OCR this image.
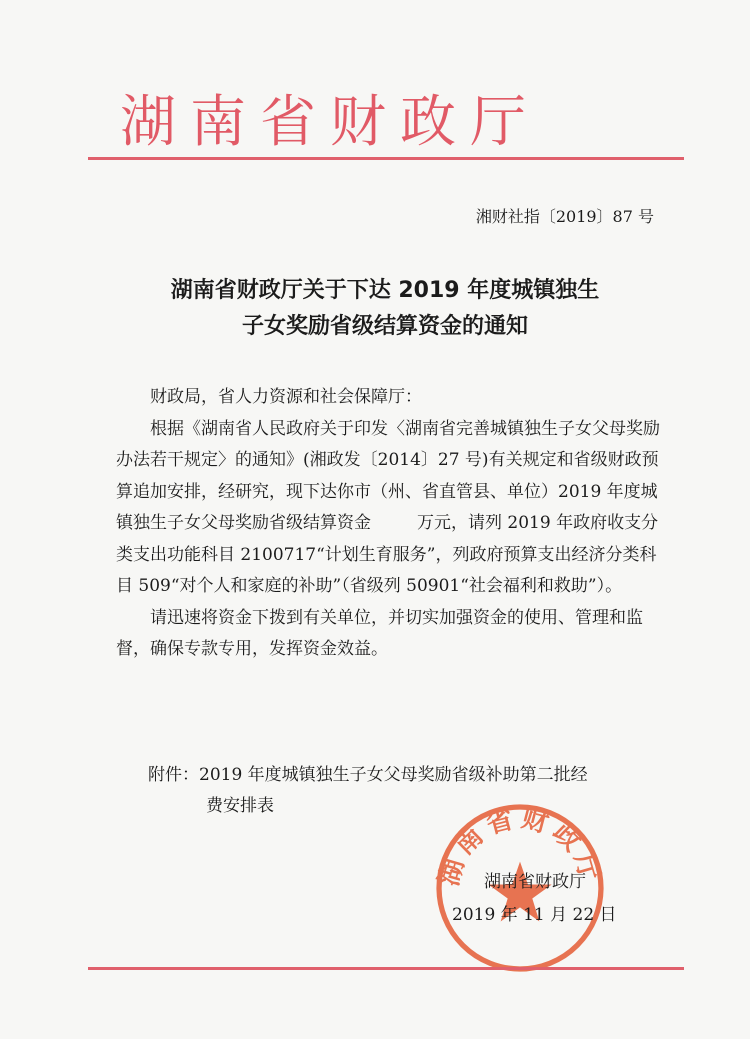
湖南省财政厅
湘财社指〔2019〕87 号
湖南省财政厅关于下达 2019 年度城镇独生
子女奖励省级结算资金的通知

财政局，省人力资源和社会保障厅：

根据《湖南省人民政府关于印发〈湖南省完善城镇独生子女父母奖励办法若干规定〉的通知》(湘政发〔2014〕27 号)有关规定和省级财政预算追加安排，经研究，现下达你市（州、省直管县、单位）2019 年度城镇独生子女父母奖励省级结算资金	万元，请列 2019 年政府收支分类支出功能科目 2100717“计划生育服务”，列政府预算支出经济分类科目 509“对个人和家庭的补助”（省级列 50901“社会福利和救助”）。

请迅速将资金下拨到有关单位，并切实加强资金的使用、管理和监督，确保专款专用，发挥资金效益。

附件：2019 年度城镇独生子女父母奖励省级补助第二批经
费安排表
湖南省财政厅
湖南省财政厅
2019 年 11 月 22 日
